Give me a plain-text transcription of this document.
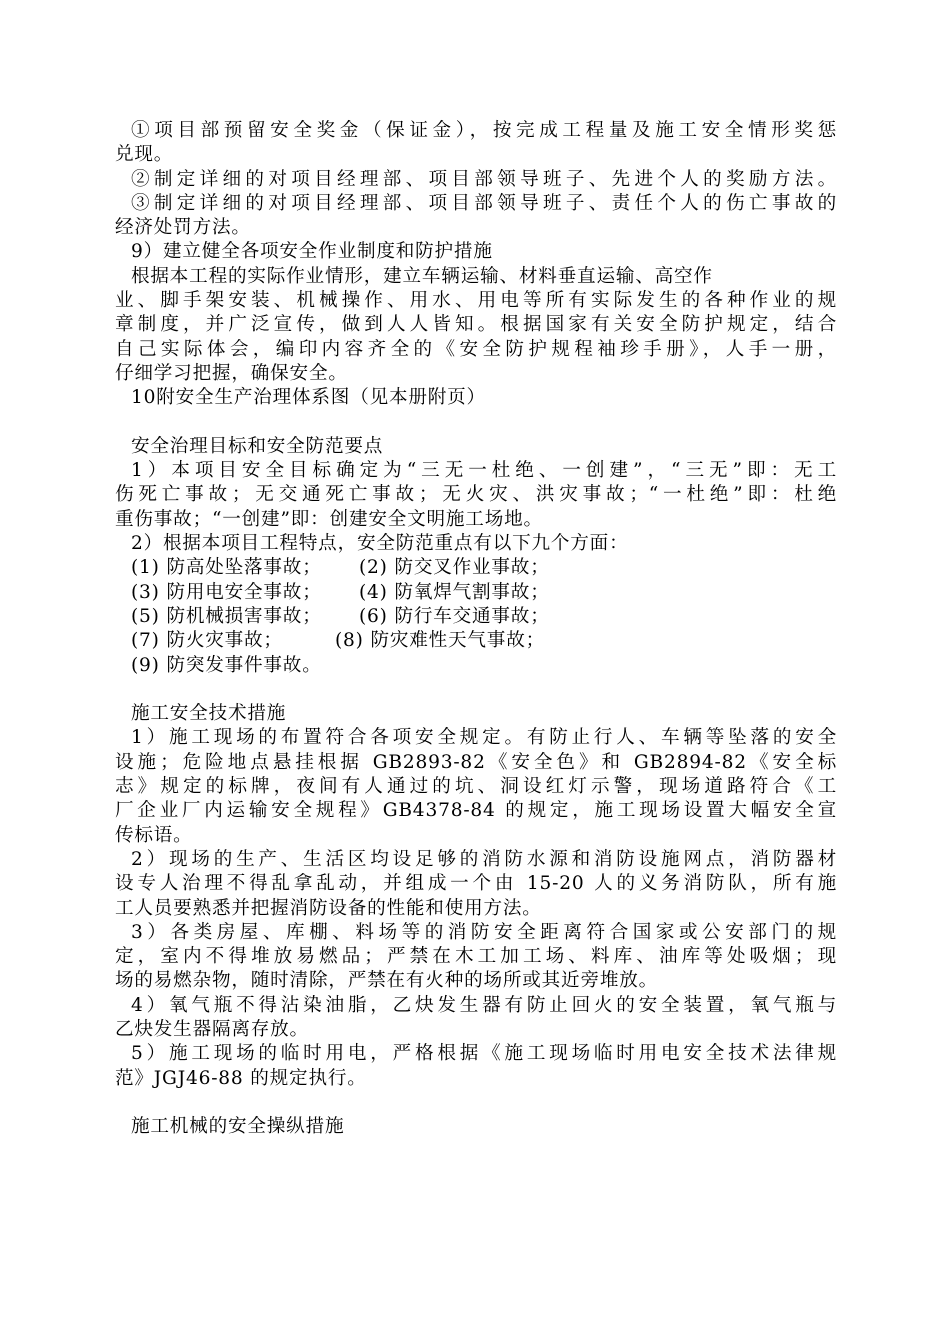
①项目部预留安全奖金（保证金），按完成工程量及施工安全情形奖惩
兑现。
②制定详细的对项目经理部、项目部领导班子、先进个人的奖励方法。
③制定详细的对项目经理部、项目部领导班子、责任个人的伤亡事故的
经济处罚方法。
9）建立健全各项安全作业制度和防护措施
根据本工程的实际作业情形，建立车辆运输、材料垂直运输、高空作
业、脚手架安装、机械操作、用水、用电等所有实际发生的各种作业的规
章制度，并广泛宣传，做到人人皆知。根据国家有关安全防护规定，结合
自己实际体会，编印内容齐全的《安全防护规程袖珍手册》，人手一册，
仔细学习把握，确保安全。
10附安全生产治理体系图（见本册附页）
安全治理目标和安全防范要点
1）本项目安全目标确定为“三无一杜绝、一创建”，“三无”即：无工
伤死亡事故；无交通死亡事故；无火灾、洪灾事故；“一杜绝”即：杜绝
重伤事故；“一创建”即：创建安全文明施工场地。
2）根据本项目工程特点，安全防范重点有以下九个方面：
(1) 防高处坠落事故； (2) 防交叉作业事故；
(3) 防用电安全事故； (4) 防氧焊气割事故；
(5) 防机械损害事故； (6) 防行车交通事故；
(7) 防火灾事故；	(8) 防灾难性天气事故；
(9) 防突发事件事故。
施工安全技术措施
1）施工现场的布置符合各项安全规定。有防止行人、车辆等坠落的安全
设施；危险地点悬挂根据 GB2893-82《安全色》和 GB2894-82《安全标
志》规定的标牌，夜间有人通过的坑、洞设红灯示警，现场道路符合《工
厂企业厂内运输安全规程》GB4378-84 的规定，施工现场设置大幅安全宣
传标语。
2）现场的生产、生活区均设足够的消防水源和消防设施网点，消防器材
设专人治理不得乱拿乱动，并组成一个由 15-20 人的义务消防队，所有施
工人员要熟悉并把握消防设备的性能和使用方法。
3）各类房屋、库棚、料场等的消防安全距离符合国家或公安部门的规
定，室内不得堆放易燃品；严禁在木工加工场、料库、油库等处吸烟；现
场的易燃杂物，随时清除，严禁在有火种的场所或其近旁堆放。
4）氧气瓶不得沾染油脂，乙炔发生器有防止回火的安全装置，氧气瓶与
乙炔发生器隔离存放。
5）施工现场的临时用电，严格根据《施工现场临时用电安全技术法律规
范》JGJ46-88 的规定执行。
施工机械的安全操纵措施
